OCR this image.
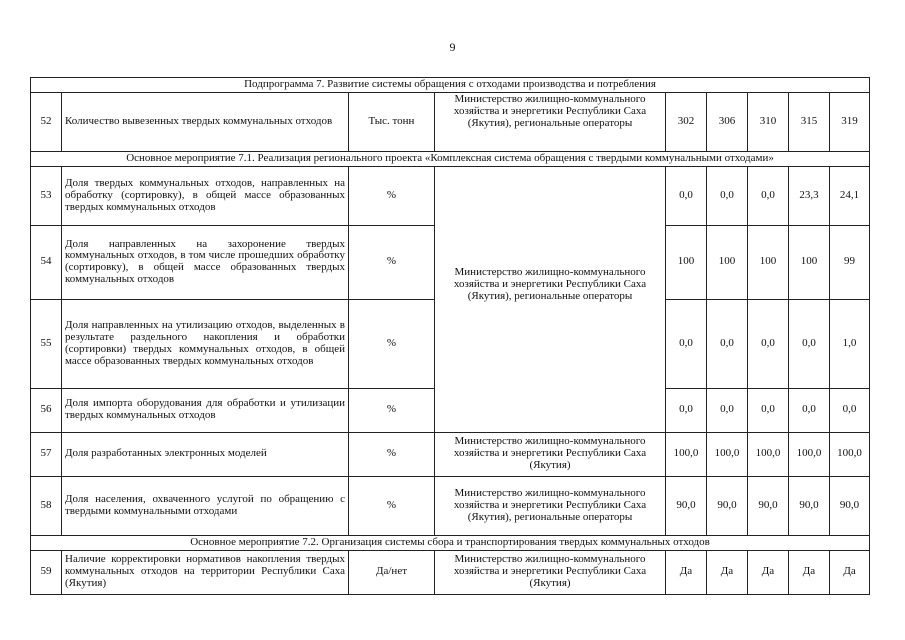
9
Подпрограмма 7. Развитие системы обращения с отходами производства и потребления								
52	Количество вывезенных твердых коммунальных отходов	Тыс. тонн	Министерство жилищно-коммунального хозяйства и энергетики Республики Саха (Якутия), региональные операторы	302	306	310	315	319
Основное мероприятие 7.1. Реализация регионального проекта «Комплексная система обращения с твердыми коммунальными отходами»								
53	Доля твердых коммунальных отходов, направленных на обработку (сортировку), в общей массе образованных твердых коммунальных отходов	%	Министерство жилищно-коммунального хозяйства и энергетики Республики Саха (Якутия), региональные операторы	0,0	0,0	0,0	23,3	24,1
54	Доля направленных на захоронение твердых коммунальных отходов, в том числе прошедших обработку (сортировку), в общей массе образованных твердых коммунальных отходов	%		100	100	100	100	99
55	Доля направленных на утилизацию отходов, выделенных в результате раздельного накопления и обработки (сортировки) твердых коммунальных отходов, в общей массе образованных твердых коммунальных отходов	%		0,0	0,0	0,0	0,0	1,0
56	Доля импорта оборудования для обработки и утилизации твердых коммунальных отходов	%		0,0	0,0	0,0	0,0	0,0
57	Доля разработанных электронных моделей	%	Министерство жилищно-коммунального хозяйства и энергетики Республики Саха (Якутия)	100,0	100,0	100,0	100,0	100,0
58	Доля населения, охваченного услугой по обращению с твердыми коммунальными отходами	%	Министерство жилищно-коммунального хозяйства и энергетики Республики Саха (Якутия), региональные операторы	90,0	90,0	90,0	90,0	90,0
Основное мероприятие 7.2. Организация системы сбора и транспортирования твердых коммунальных отходов								
59	Наличие корректировки нормативов накопления твердых коммунальных отходов на территории Республики Саха (Якутия)	Да/нет	Министерство жилищно-коммунального хозяйства и энергетики Республики Саха (Якутия)	Да	Да	Да	Да	Да
